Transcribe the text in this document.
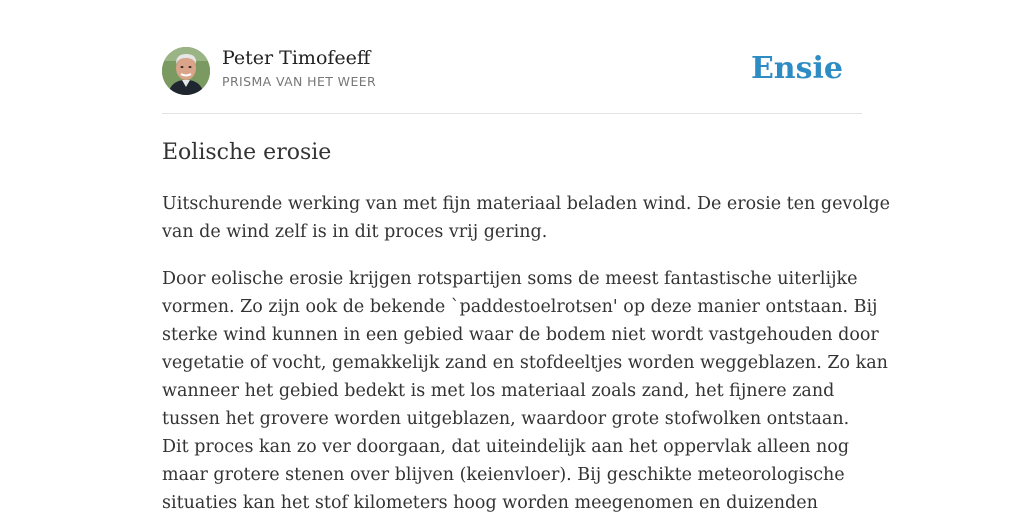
Peter Timofeeff
PRISMA VAN HET WEER	Ensie
Eolische erosie

Uitschurende werking van met fijn materiaal beladen wind. De erosie ten gevolge
van de wind zelf is in dit proces vrij gering.

Door eolische erosie krijgen rotspartijen soms de meest fantastische uiterlijke
vormen. Zo zijn ook de bekende `paddestoelrotsen' op deze manier ontstaan. Bij
sterke wind kunnen in een gebied waar de bodem niet wordt vastgehouden door
vegetatie of vocht, gemakkelijk zand en stofdeeltjes worden weggeblazen. Zo kan
wanneer het gebied bedekt is met los materiaal zoals zand, het fijnere zand
tussen het grovere worden uitgeblazen, waardoor grote stofwolken ontstaan.
Dit proces kan zo ver doorgaan, dat uiteindelijk aan het oppervlak alleen nog
maar grotere stenen over blijven (keienvloer). Bij geschikte meteorologische
situaties kan het stof kilometers hoog worden meegenomen en duizenden
